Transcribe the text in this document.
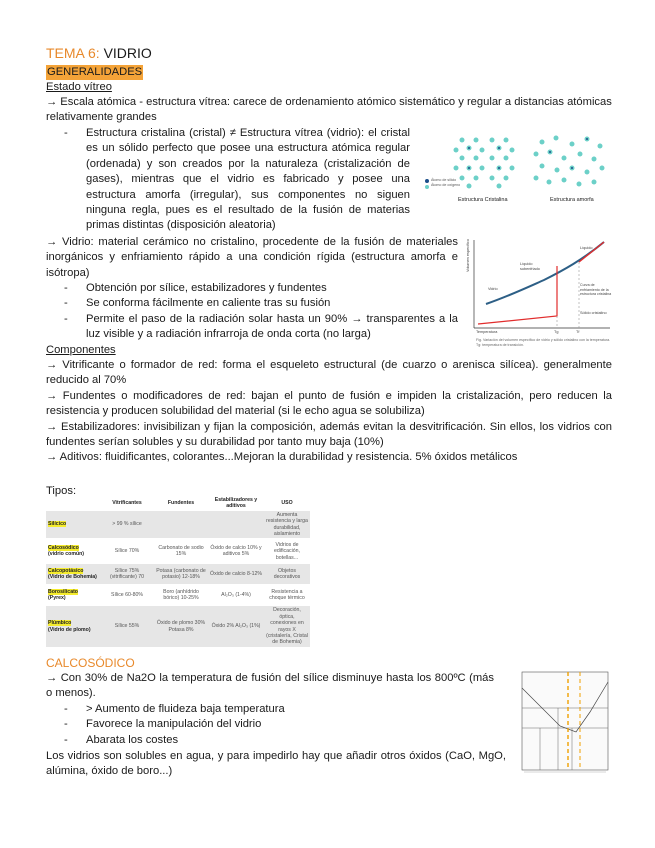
TEMA 6: VIDRIO
GENERALIDADES
Estado vítreo
→ Escala atómica - estructura vítrea: carece de ordenamiento atómico sistemático y regular a distancias atómicas relativamente grandes
- Estructura cristalina (cristal) ≠ Estructura vítrea (vidrio): el cristal es un sólido perfecto que posee una estructura atómica regular (ordenada) y son creados por la naturaleza (cristalización de gases), mientras que el vidrio es fabricado y posee una estructura amorfa (irregular), sus componentes no siguen ninguna regla, pues es el resultado de la fusión de materias primas distintas (disposición aleatoria)
Átomo de silicio
Átomo de oxígeno
Estructura Cristalina	Estructura amorfa
→ Vidrio: material cerámico no cristalino, procedente de la fusión de materiales inorgánicos y enfriamiento rápido a una condición rígida (estructura amorfa e isótropa)
- Obtención por sílice, estabilizadores y fundentes
- Se conforma fácilmente en caliente tras su fusión
- Permite el paso de la radiación solar hasta un 90% → transparentes a la luz visible y a radiación infrarroja de onda corta (no larga)
Volumen específico
Temperatura
Líquido
Líquido subenfriado
Vidrio
Curva de enfriamiento de la estructura cristalina
Sólido cristalino
Tg	Tf
Fig. Variación del volumen específico de vidrio y sólido cristalino con la temperatura. Tg: temperatura de transición.
Componentes
→ Vitrificante o formador de red: forma el esqueleto estructural (de cuarzo o arenisca silícea). generalmente reducido al 70%
→ Fundentes o modificadores de red: bajan el punto de fusión e impiden la cristalización, pero reducen la resistencia y producen solubilidad del material (si le echo agua se solubiliza)
→ Estabilizadores: invisibilizan y fijan la composición, además evitan la desvitrificación. Sin ellos, los vidrios con fundentes serían solubles y su durabilidad por tanto muy baja (10%)
→ Aditivos: fluidificantes, colorantes...Mejoran la durabilidad y resistencia. 5% óxidos metálicos
Tipos:
	Vitrificantes	Fundentes	Estabilizadores y aditivos	USO
Silícico	> 99 % sílice			Aumenta resistencia y larga durabilidad, aislamiento
Calcosódico
(vidrio común)	Sílice 70%	Carbonato de sodio 15%	Óxido de calcio 10% y aditivos 5%	Vidrios de edificación, botellas...
Calcopotásico
(Vidrio de Bohemia)	Sílice 75% (vitrificante) 70	Potasa (carbonato de potasio) 12-18%	Óxido de calcio 8-12%	Objetos decorativos
Borosilicato
(Pyrex)	Sílice 60-80%	Boro (anhídrido bórico) 10-25%	Al₂O₃ (1-4%)	Resistencia a choque térmico
Plúmbico
(Vidrio de plomo)	Sílice 55%	Óxido de plomo 30% Potasa 8%	Óxido 2% Al₂O₃ (1%)	Decoración, óptica, conexiones en rayos X (cristalería, Cristal de Bohemia)
CALCOSÓDICO
→ Con 30% de Na2O la temperatura de fusión del sílice disminuye hasta los 800ºC (más o menos).
- > Aumento de fluideza baja temperatura
- Favorece la manipulación del vidrio
- Abarata los costes
Los vidrios son solubles en agua, y para impedirlo hay que añadir otros óxidos (CaO, MgO, alúmina, óxido de boro...)
